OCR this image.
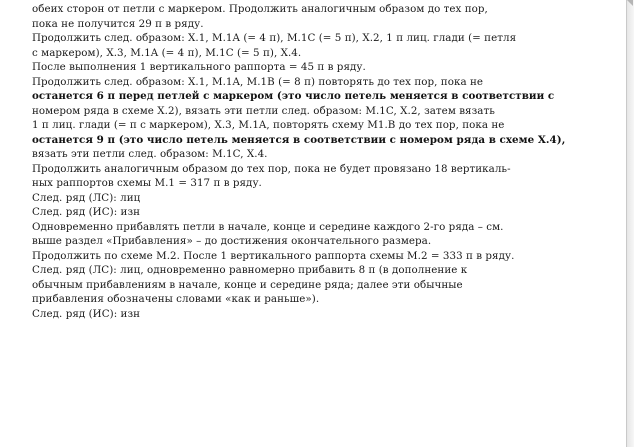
обеих сторон от петли с маркером. Продолжить аналогичным образом до тех пор,

пока не получится 29 п в ряду.

Продолжить след. образом: X.1, M.1A (= 4 п), M.1C (= 5 п), X.2, 1 п лиц. глади (= петля

с маркером), X.3, M.1A (= 4 п), M.1C (= 5 п), X.4.

После выполнения 1 вертикального раппорта = 45 п в ряду.

Продолжить след. образом: X.1, M.1A, M.1B (= 8 п) повторять до тех пор, пока не

останется 6 п перед петлей с маркером (это число петель меняется в соответствии с

номером ряда в схеме X.2), вязать эти петли след. образом: M.1C, X.2, затем вязать

1 п лиц. глади (= п с маркером), X.3, M.1A, повторять схему M1.B до тех пор, пока не

останется 9 п (это число петель меняется в соответствии с номером ряда в схеме X.4),

вязать эти петли след. образом: M.1C, X.4.

Продолжить аналогичным образом до тех пор, пока не будет провязано 18 вертикаль-

ных раппортов схемы M.1 = 317 п в ряду.

След. ряд (ЛС): лиц

След. ряд (ИС): изн

Одновременно прибавлять петли в начале, конце и середине каждого 2-го ряда – см.

выше раздел «Прибавления» – до достижения окончательного размера.

Продолжить по схеме M.2. После 1 вертикального раппорта схемы M.2 = 333 п в ряду.

След. ряд (ЛС): лиц, одновременно равномерно прибавить 8 п (в дополнение к

обычным прибавлениям в начале, конце и середине ряда; далее эти обычные

прибавления обозначены словами «как и раньше»).

След. ряд (ИС): изн
